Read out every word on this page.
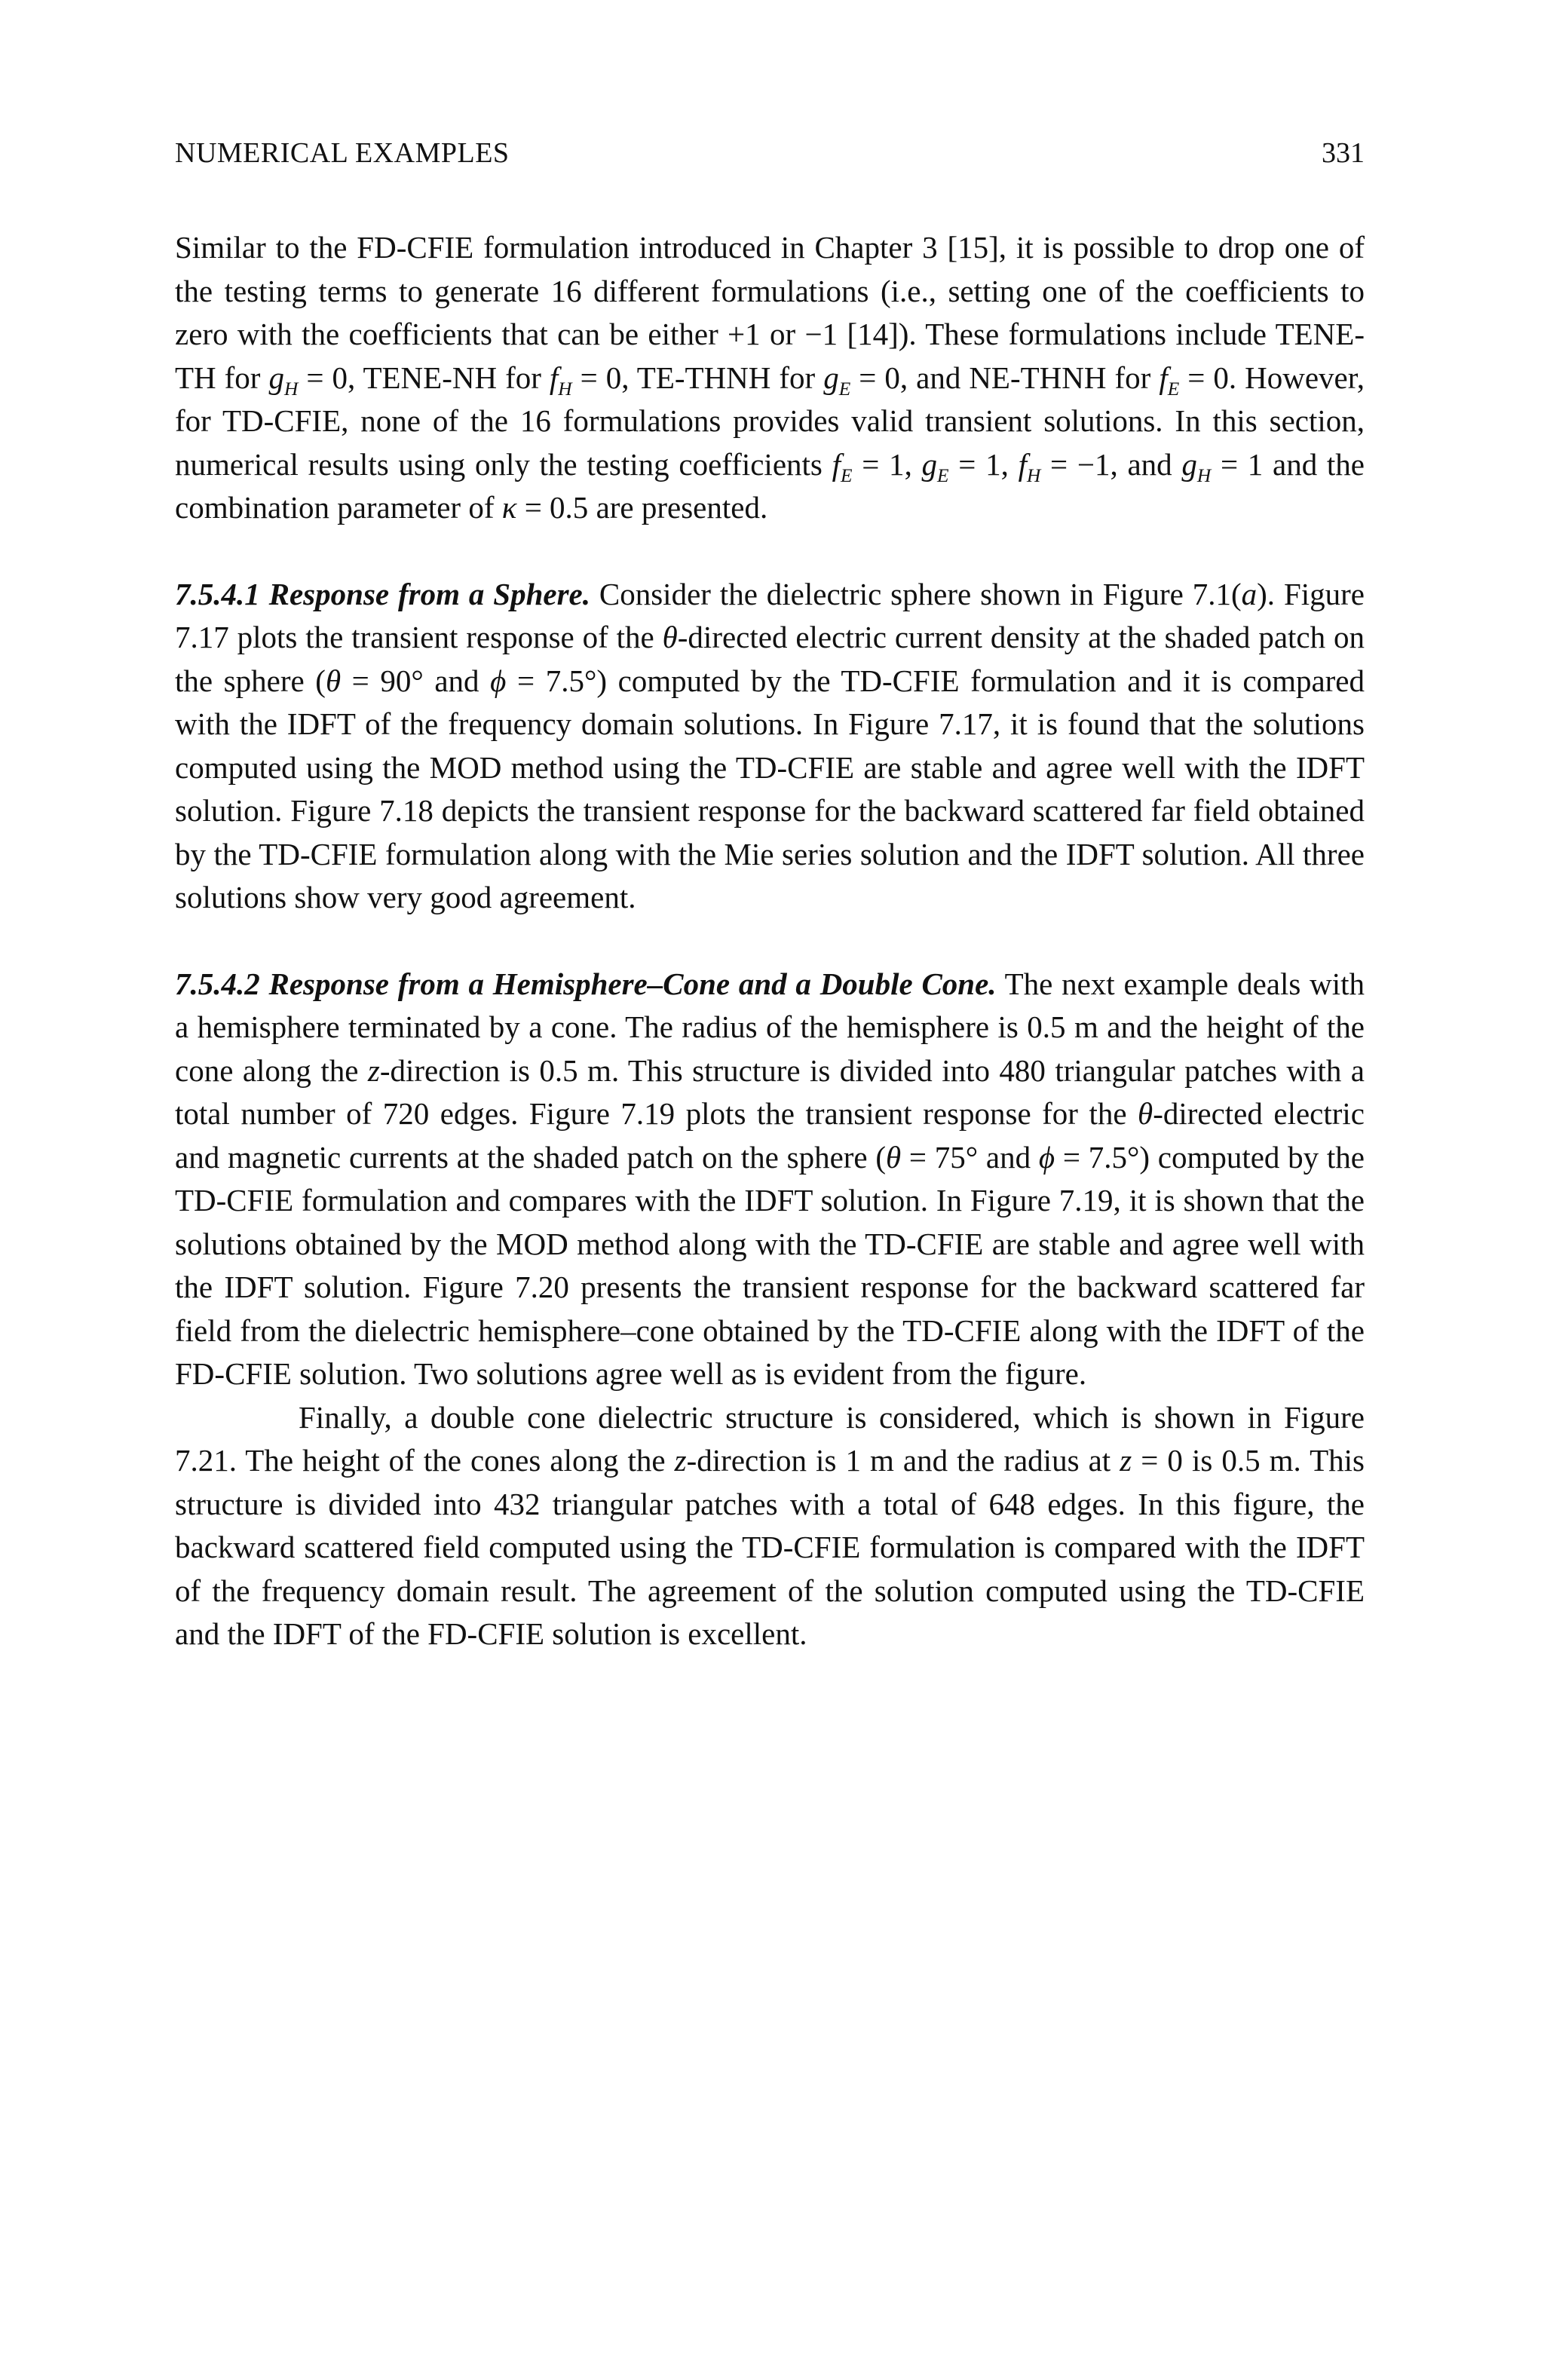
NUMERICAL EXAMPLES	331

Similar to the FD-CFIE formulation introduced in Chapter 3 [15], it is possible to drop one of the testing terms to generate 16 different formulations (i.e., setting one of the coefficients to zero with the coefficients that can be either +1 or −1 [14]). These formulations include TENE-TH for $g_H = 0$, TENE-NH for $f_H = 0$, TE-THNH for $g_E = 0$, and NE-THNH for $f_E = 0$. However, for TD-CFIE, none of the 16 formulations provides valid transient solutions. In this section, numerical results using only the testing coefficients $f_E = 1$, $g_E = 1$, $f_H = -1$, and $g_H = 1$ and the combination parameter of κ = 0.5 are presented.

7.5.4.1 Response from a Sphere. Consider the dielectric sphere shown in Figure 7.1(a). Figure 7.17 plots the transient response of the θ-directed electric current density at the shaded patch on the sphere (θ = 90° and ϕ = 7.5°) computed by the TD-CFIE formulation and it is compared with the IDFT of the frequency domain solutions. In Figure 7.17, it is found that the solutions computed using the MOD method using the TD-CFIE are stable and agree well with the IDFT solution. Figure 7.18 depicts the transient response for the backward scattered far field obtained by the TD-CFIE formulation along with the Mie series solution and the IDFT solution. All three solutions show very good agreement.

7.5.4.2 Response from a Hemisphere–Cone and a Double Cone. The next example deals with a hemisphere terminated by a cone. The radius of the hemisphere is 0.5 m and the height of the cone along the z-direction is 0.5 m. This structure is divided into 480 triangular patches with a total number of 720 edges. Figure 7.19 plots the transient response for the θ-directed electric and magnetic currents at the shaded patch on the sphere (θ = 75° and ϕ = 7.5°) computed by the TD-CFIE formulation and compares with the IDFT solution. In Figure 7.19, it is shown that the solutions obtained by the MOD method along with the TD-CFIE are stable and agree well with the IDFT solution. Figure 7.20 presents the transient response for the backward scattered far field from the dielectric hemisphere–cone obtained by the TD-CFIE along with the IDFT of the FD-CFIE solution. Two solutions agree well as is evident from the figure.

Finally, a double cone dielectric structure is considered, which is shown in Figure 7.21. The height of the cones along the z-direction is 1 m and the radius at z = 0 is 0.5 m. This structure is divided into 432 triangular patches with a total of 648 edges. In this figure, the backward scattered field computed using the TD-CFIE formulation is compared with the IDFT of the frequency domain result. The agreement of the solution computed using the TD-CFIE and the IDFT of the FD-CFIE solution is excellent.
